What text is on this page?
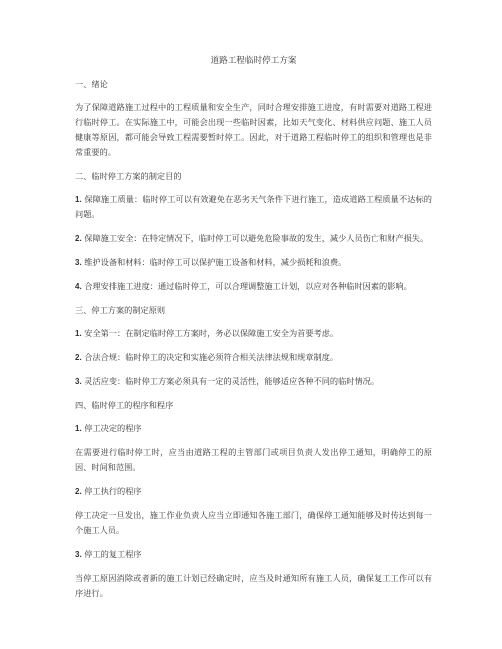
道路工程临时停工方案
一、绪论
为了保障道路施工过程中的工程质量和安全生产，同时合理安排施工进度，有时需要对道路工程进行临时停工。在实际施工中，可能会出现一些临时因素，比如天气变化、材料供应问题、施工人员健康等原因，都可能会导致工程需要暂时停工。因此，对于道路工程临时停工的组织和管理也是非常重要的。
二、临时停工方案的制定目的
1. 保障施工质量：临时停工可以有效避免在恶劣天气条件下进行施工，造成道路工程质量不达标的问题。
2. 保障施工安全：在特定情况下，临时停工可以避免危险事故的发生，减少人员伤亡和财产损失。
3. 维护设备和材料：临时停工可以保护施工设备和材料，减少损耗和浪费。
4. 合理安排施工进度：通过临时停工，可以合理调整施工计划，以应对各种临时因素的影响。
三、停工方案的制定原则
1. 安全第一：在制定临时停工方案时，务必以保障施工安全为首要考虑。
2. 合法合规：临时停工的决定和实施必须符合相关法律法规和规章制度。
3. 灵活应变：临时停工方案必须具有一定的灵活性，能够适应各种不同的临时情况。
四、临时停工的程序和程序
1. 停工决定的程序
在需要进行临时停工时，应当由道路工程的主管部门或项目负责人发出停工通知，明确停工的原因、时间和范围。
2. 停工执行的程序
停工决定一旦发出，施工作业负责人应当立即通知各施工部门，确保停工通知能够及时传达到每一个施工人员。
3. 停工的复工程序
当停工原因消除或者新的施工计划已经确定时，应当及时通知所有施工人员，确保复工工作可以有序进行。
